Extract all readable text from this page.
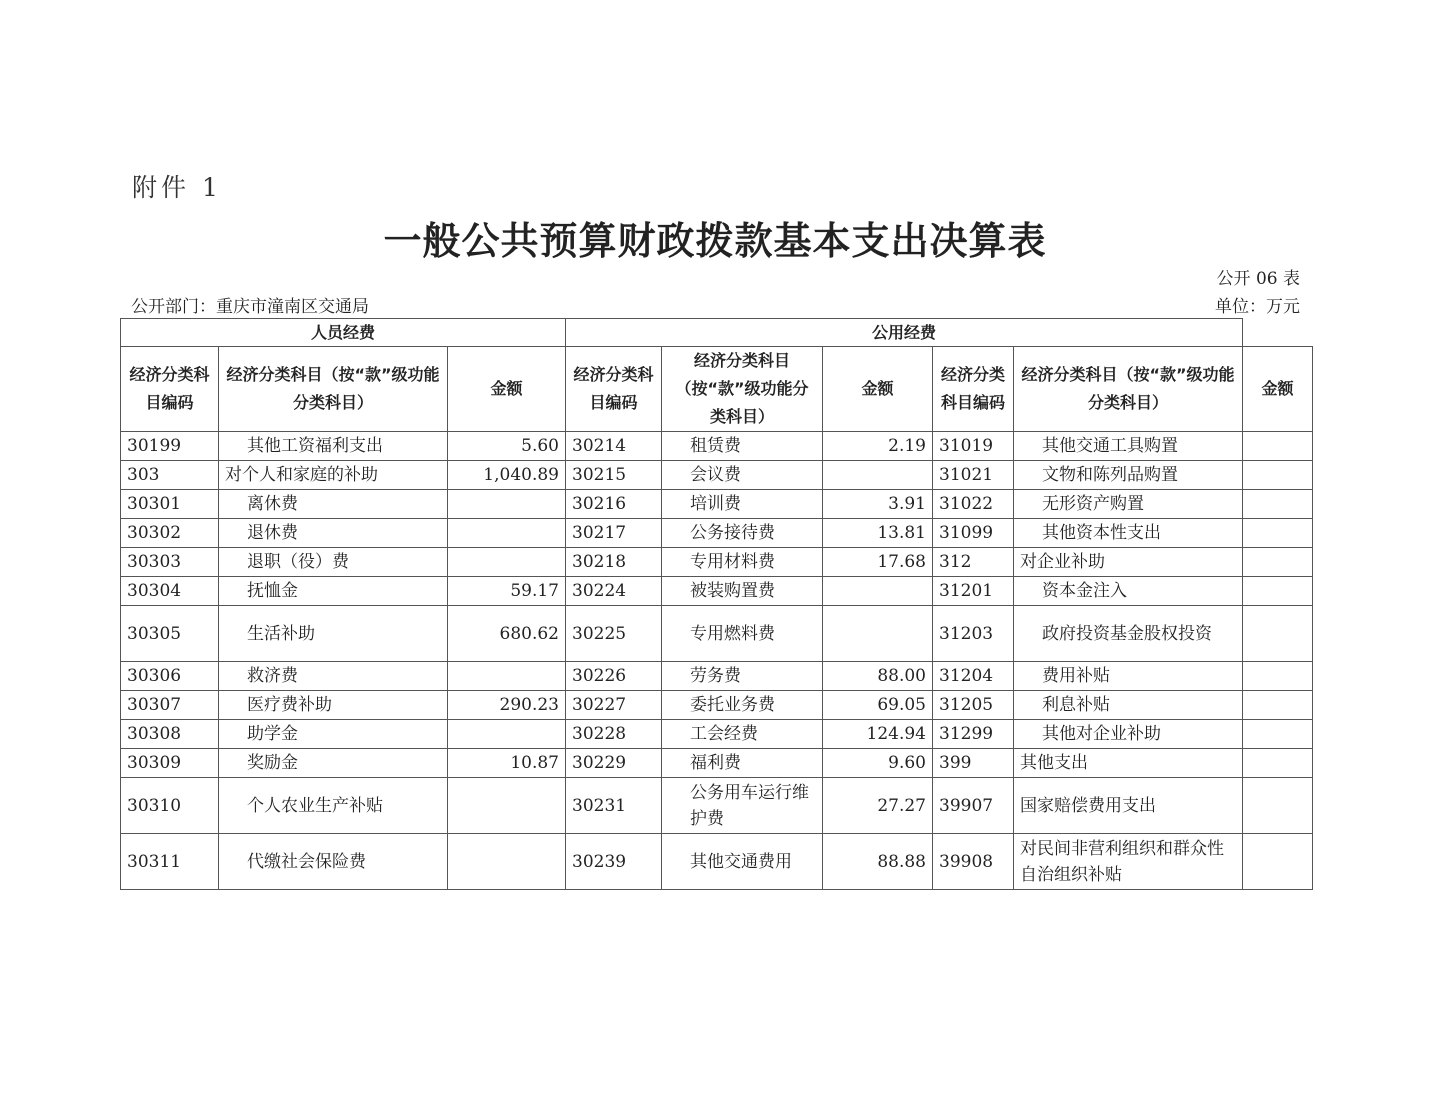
附件 1
一般公共预算财政拨款基本支出决算表
公开 06 表
公开部门：重庆市潼南区交通局	单位：万元
人员经费			公用经费					
经济分类科目编码	经济分类科目（按“款”级功能分类科目）	金额	经济分类科目编码	经济分类科目（按“款”级功能分类科目）	金额	经济分类科目编码	经济分类科目（按“款”级功能分类科目）	金额
30199	其他工资福利支出	5.60	30214	租赁费	2.19	31019	其他交通工具购置	
303	对个人和家庭的补助	1,040.89	30215	会议费		31021	文物和陈列品购置	
30301	离休费		30216	培训费	3.91	31022	无形资产购置	
30302	退休费		30217	公务接待费	13.81	31099	其他资本性支出	
30303	退职（役）费		30218	专用材料费	17.68	312	对企业补助	
30304	抚恤金	59.17	30224	被装购置费		31201	资本金注入	
30305	生活补助	680.62	30225	专用燃料费		31203	政府投资基金股权投资	
30306	救济费		30226	劳务费	88.00	31204	费用补贴	
30307	医疗费补助	290.23	30227	委托业务费	69.05	31205	利息补贴	
30308	助学金		30228	工会经费	124.94	31299	其他对企业补助	
30309	奖励金	10.87	30229	福利费	9.60	399	其他支出	
30310	个人农业生产补贴		30231	公务用车运行维护费	27.27	39907	国家赔偿费用支出	
30311	代缴社会保险费		30239	其他交通费用	88.88	39908	对民间非营利组织和群众性自治组织补贴	
